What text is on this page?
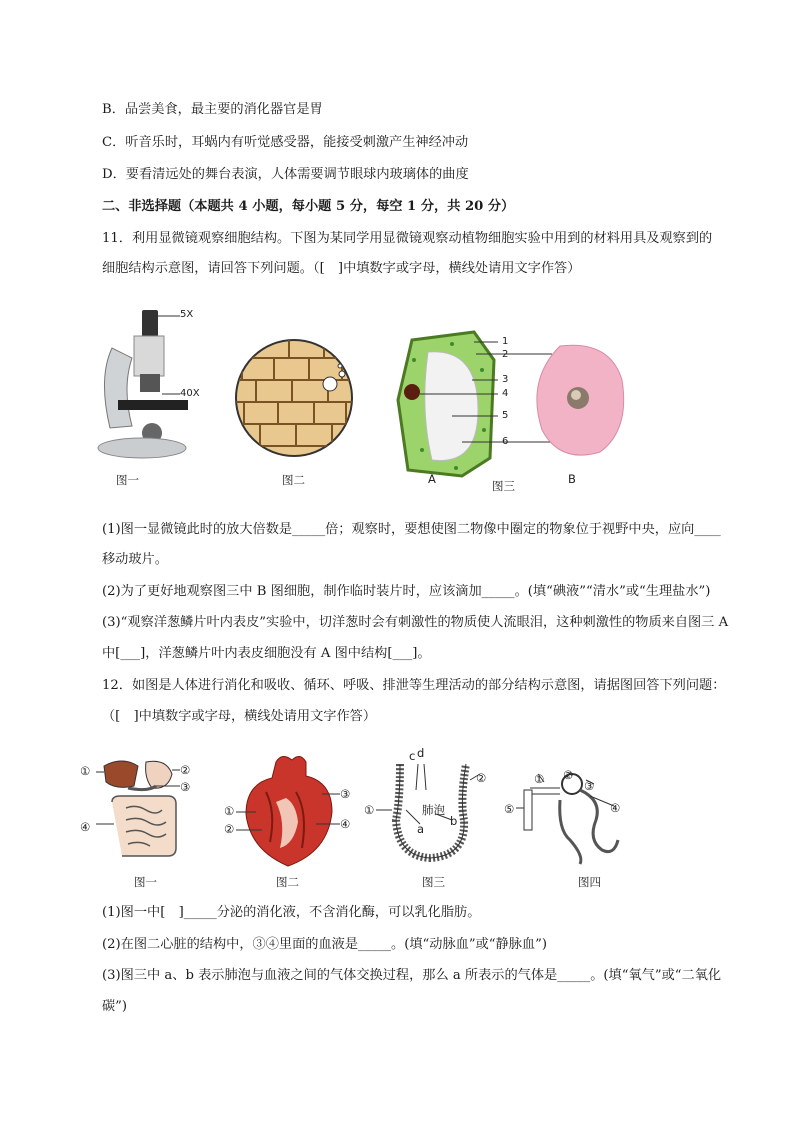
B．品尝美食，最主要的消化器官是胃
C．听音乐时，耳蜗内有听觉感受器，能接受刺激产生神经冲动
D．要看清远处的舞台表演，人体需要调节眼球内玻璃体的曲度
二、非选择题（本题共 4 小题，每小题 5 分，每空 1 分，共 20 分）
11．利用显微镜观察细胞结构。下图为某同学用显微镜观察动植物细胞实验中用到的材料用具及观察到的
细胞结构示意图，请回答下列问题。（[　]中填数字或字母，横线处请用文字作答）
5X
40X
图一	图二
1
2
3
4
5
6
A	图三	B
(1)图一显微镜此时的放大倍数是_____倍；观察时，要想使图二物像中圈定的物象位于视野中央，应向____
移动玻片。
(2)为了更好地观察图三中 B 图细胞，制作临时装片时，应该滴加_____。(填“碘液”“清水”或“生理盐水”)
(3)“观察洋葱鳞片叶内表皮”实验中，切洋葱时会有刺激性的物质使人流眼泪，这种刺激性的物质来自图三 A
中[___]，洋葱鳞片叶内表皮细胞没有 A 图中结构[___]。
12．如图是人体进行消化和吸收、循环、呼吸、排泄等生理活动的部分结构示意图，请据图回答下列问题：
（[　]中填数字或字母，横线处请用文字作答）
①	②
③
④
图一
①
②
③
④
图二
c d
②
①	肺泡
a
b
图三
① ②
③
④
⑤
图四
(1)图一中[　]_____分泌的消化液，不含消化酶，可以乳化脂肪。
(2)在图二心脏的结构中，③④里面的血液是_____。(填“动脉血”或“静脉血”)
(3)图三中 a、b 表示肺泡与血液之间的气体交换过程，那么 a 所表示的气体是_____。(填“氧气”或“二氧化
碳”)
